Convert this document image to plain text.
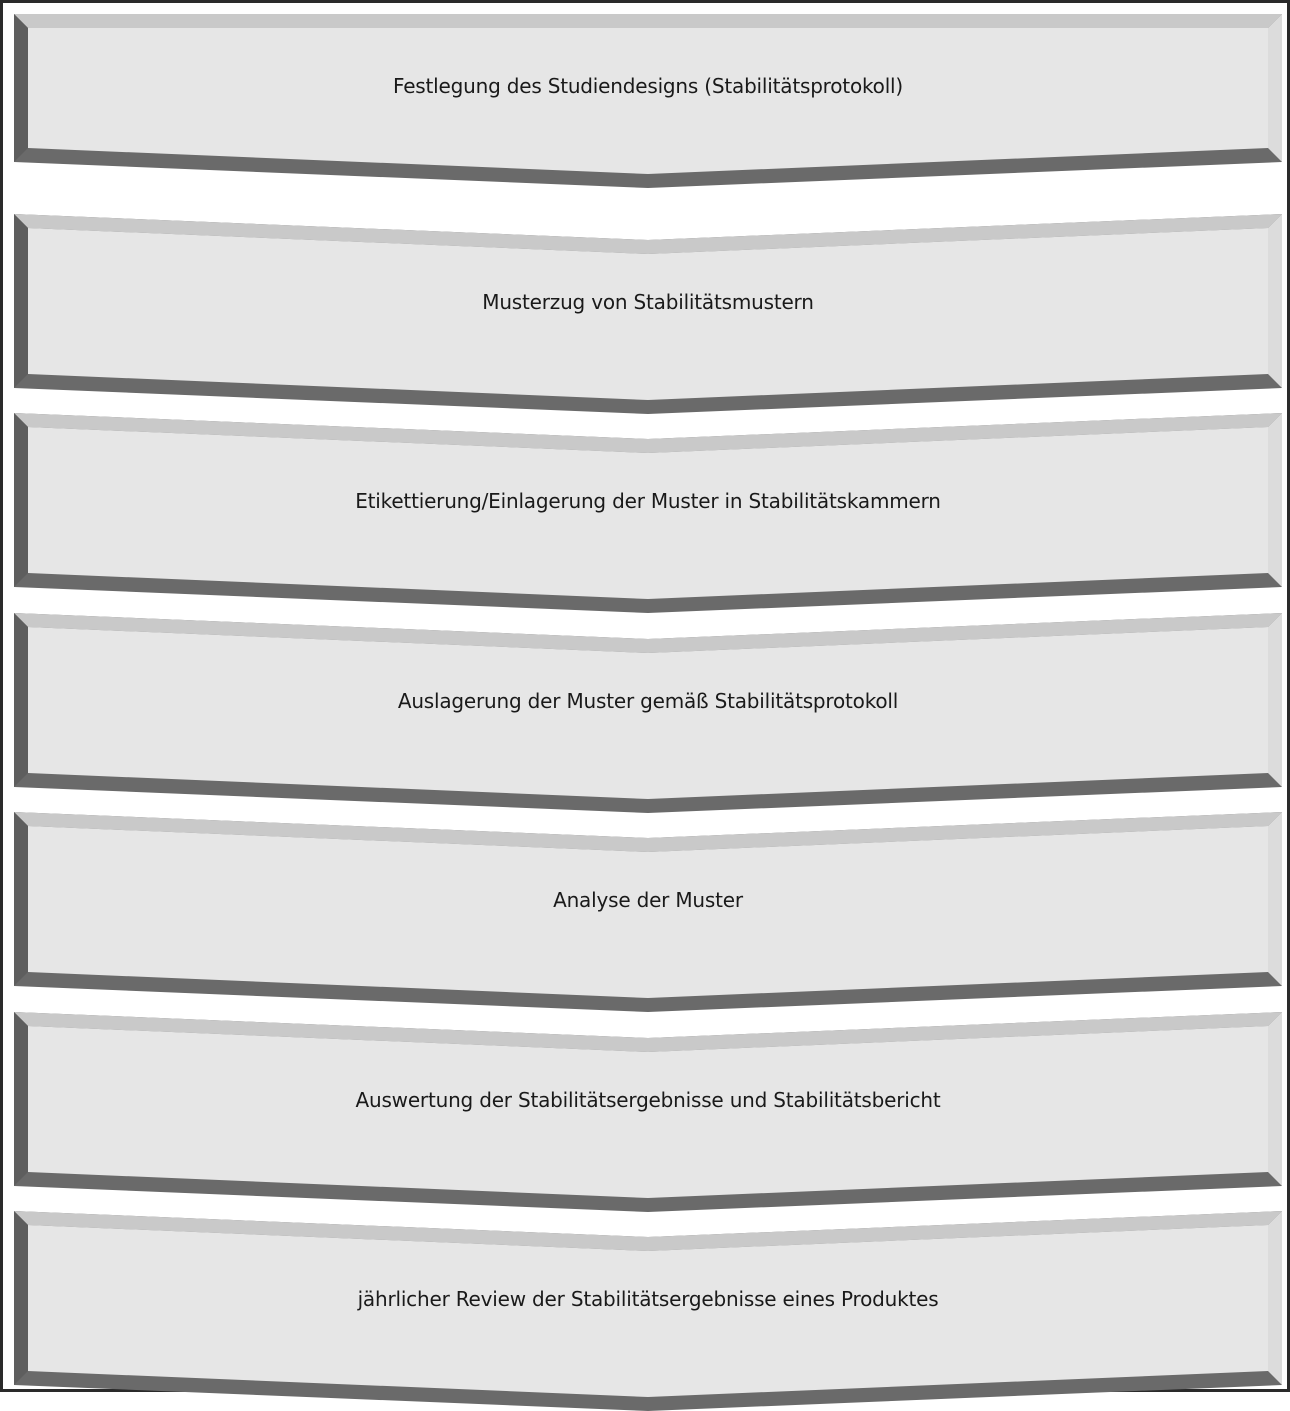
Festlegung des Studiendesigns (Stabilitätsprotokoll)
Musterzug von Stabilitätsmustern
Etikettierung/Einlagerung der Muster in Stabilitätskammern
Auslagerung der Muster gemäß Stabilitätsprotokoll
Analyse der Muster
Auswertung der Stabilitätsergebnisse und Stabilitätsbericht
jährlicher Review der Stabilitätsergebnisse eines Produktes
